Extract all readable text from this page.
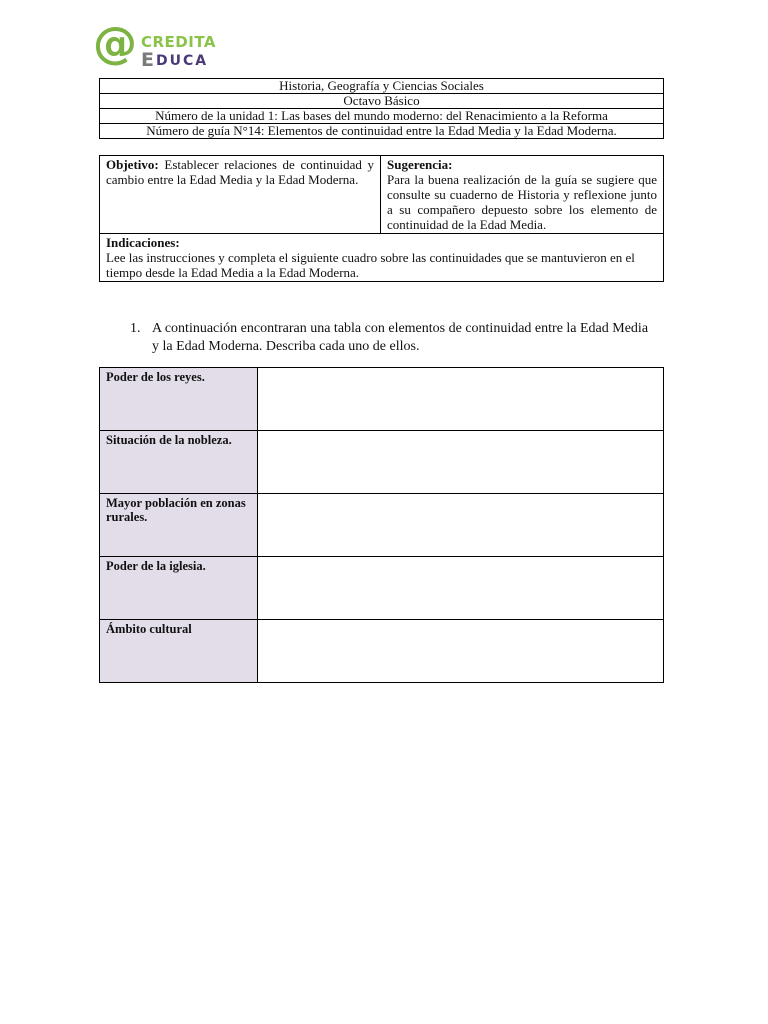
@ CREDITA
E DUCA
Historia, Geografía y Ciencias Sociales
Octavo Básico
Número de la unidad 1: Las bases del mundo moderno: del Renacimiento a la Reforma
Número de guía N°14: Elementos de continuidad entre la Edad Media y la Edad Moderna.
Objetivo: Establecer relaciones de continuidad y cambio entre la Edad Media y la Edad Moderna.	Sugerencia:
Para la buena realización de la guía se sugiere que consulte su cuaderno de Historia y reflexione junto a su compañero depuesto sobre los elemento de continuidad de la Edad Media.
Indicaciones:
Lee las instrucciones y completa el siguiente cuadro sobre las continuidades que se mantuvieron en el tiempo desde la Edad Media a la Edad Moderna.
1. A continuación encontraran una tabla con elementos de continuidad entre la Edad Media y la Edad Moderna. Describa cada uno de ellos.
Poder de los reyes.	
Situación de la nobleza.	
Mayor población en zonas rurales.	
Poder de la iglesia.	
Ámbito cultural	
